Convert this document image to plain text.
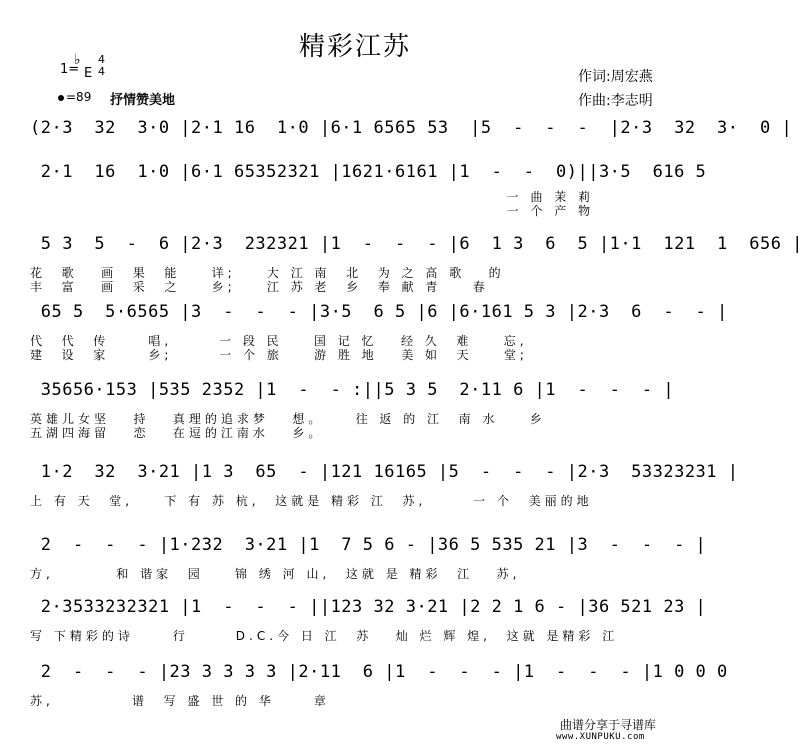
精彩江苏
1=
♭
E
4
4
=89 抒情赞美地
作词:周宏燕
作曲:李志明
(2·3  32  3·0 |2·1 16  1·0 |6·1 6565 53  |5  -  -  -  |2·3  32  3·  0 |
2·1  16  1·0 |6·1 65352321 |1621·6161 |1  -  -  0)||3·5  616 5
一 曲 茉 莉
一 个 产 物
5 3  5  -  6 |2·3  232321 |1  -  -  - |6  1 3  6  5 |1·1  121  1  656 |
花  歌   画  果  能    详;    大 江 南  北  为 之 高 歌   的
丰  富   画  采  之    乡;    江 苏 老  乡  奉 献 青    春
65 5  5·6565 |3  -  -  - |3·5  6 5 |6 |6·161 5 3 |2·3  6  -  - |
代  代  传     唱,      一 段 民    国 记 忆   经 久  难    忘,
建  设  家     乡;      一 个 旅    游 胜 地   美 如  天    堂;
35656·153 |535 2352 |1  -  - :||5 3 5  2·11 6 |1  -  -  - |
英雄儿女坚   持   真理的追求梦   想。    往 返 的 江  南 水    乡
五湖四海留   恋   在逗的江南水   乡。
1·2  32  3·21 |1 3  65  - |121 16165 |5  -  -  - |2·3  53323231 |
上 有 天  堂,    下 有 苏 杭,  这就是 精彩 江  苏,      一 个  美丽的地
2  -  -  - |1·232  3·21 |1  7 5 6 - |36 5 535 21 |3  -  -  - |
方,        和 谐家  园    锦 绣 河 山,  这就 是 精彩  江   苏,
2·3533232321 |1  -  -  - ||123 32 3·21 |2 2 1 6 - |36 521 23 |
写 下精彩的诗     行      D.C.今 日 江  苏   灿 烂 辉 煌,  这就 是精彩 江
2  -  -  - |23 3 3 3 3 |2·11  6 |1  -  -  - |1  -  -  - |1 0 0 0
苏,          谱  写 盛 世 的 华     章
曲谱分享于寻谱库
www.XUNPUKU.com
